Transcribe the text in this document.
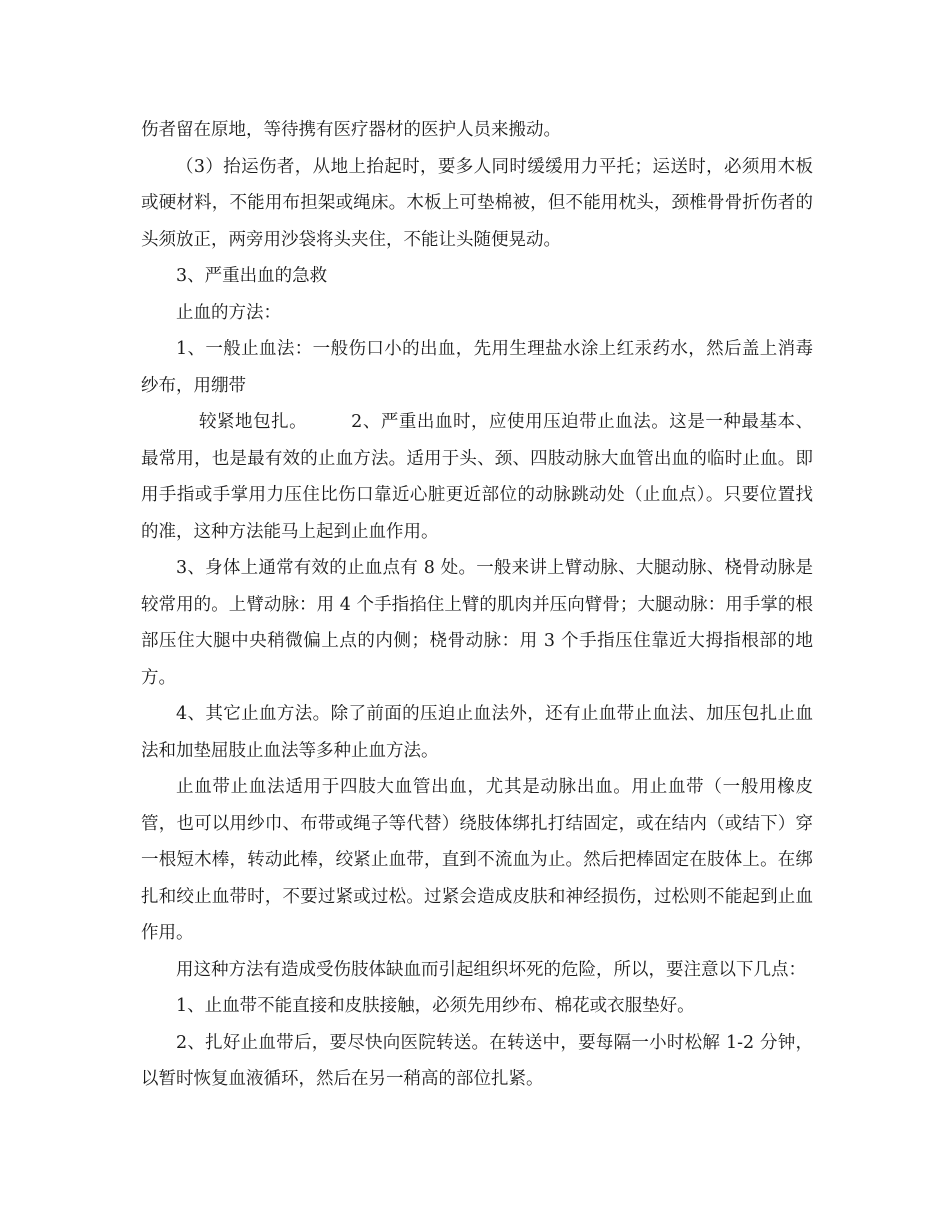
伤者留在原地，等待携有医疗器材的医护人员来搬动。

（3）抬运伤者，从地上抬起时，要多人同时缓缓用力平托；运送时，必须用木板或硬材料，不能用布担架或绳床。木板上可垫棉被，但不能用枕头，颈椎骨骨折伤者的头须放正，两旁用沙袋将头夹住，不能让头随便晃动。

3、严重出血的急救

止血的方法：

1、一般止血法：一般伤口小的出血，先用生理盐水涂上红汞药水，然后盖上消毒纱布，用绷带

较紧地包扎。	2、严重出血时，应使用压迫带止血法。这是一种最基本、最常用，也是最有效的止血方法。适用于头、颈、四肢动脉大血管出血的临时止血。即用手指或手掌用力压住比伤口靠近心脏更近部位的动脉跳动处（止血点）。只要位置找的准，这种方法能马上起到止血作用。

3、身体上通常有效的止血点有 8 处。一般来讲上臂动脉、大腿动脉、桡骨动脉是较常用的。上臂动脉：用 4 个手指掐住上臂的肌肉并压向臂骨；大腿动脉：用手掌的根部压住大腿中央稍微偏上点的内侧；桡骨动脉：用 3 个手指压住靠近大拇指根部的地方。

4、其它止血方法。除了前面的压迫止血法外，还有止血带止血法、加压包扎止血法和加垫屈肢止血法等多种止血方法。

止血带止血法适用于四肢大血管出血，尤其是动脉出血。用止血带（一般用橡皮管，也可以用纱巾、布带或绳子等代替）绕肢体绑扎打结固定，或在结内（或结下）穿一根短木棒，转动此棒，绞紧止血带，直到不流血为止。然后把棒固定在肢体上。在绑扎和绞止血带时，不要过紧或过松。过紧会造成皮肤和神经损伤，过松则不能起到止血作用。

用这种方法有造成受伤肢体缺血而引起组织坏死的危险，所以，要注意以下几点：

1、止血带不能直接和皮肤接触，必须先用纱布、棉花或衣服垫好。

2、扎好止血带后，要尽快向医院转送。在转送中，要每隔一小时松解 1-2 分钟，以暂时恢复血液循环，然后在另一稍高的部位扎紧。
